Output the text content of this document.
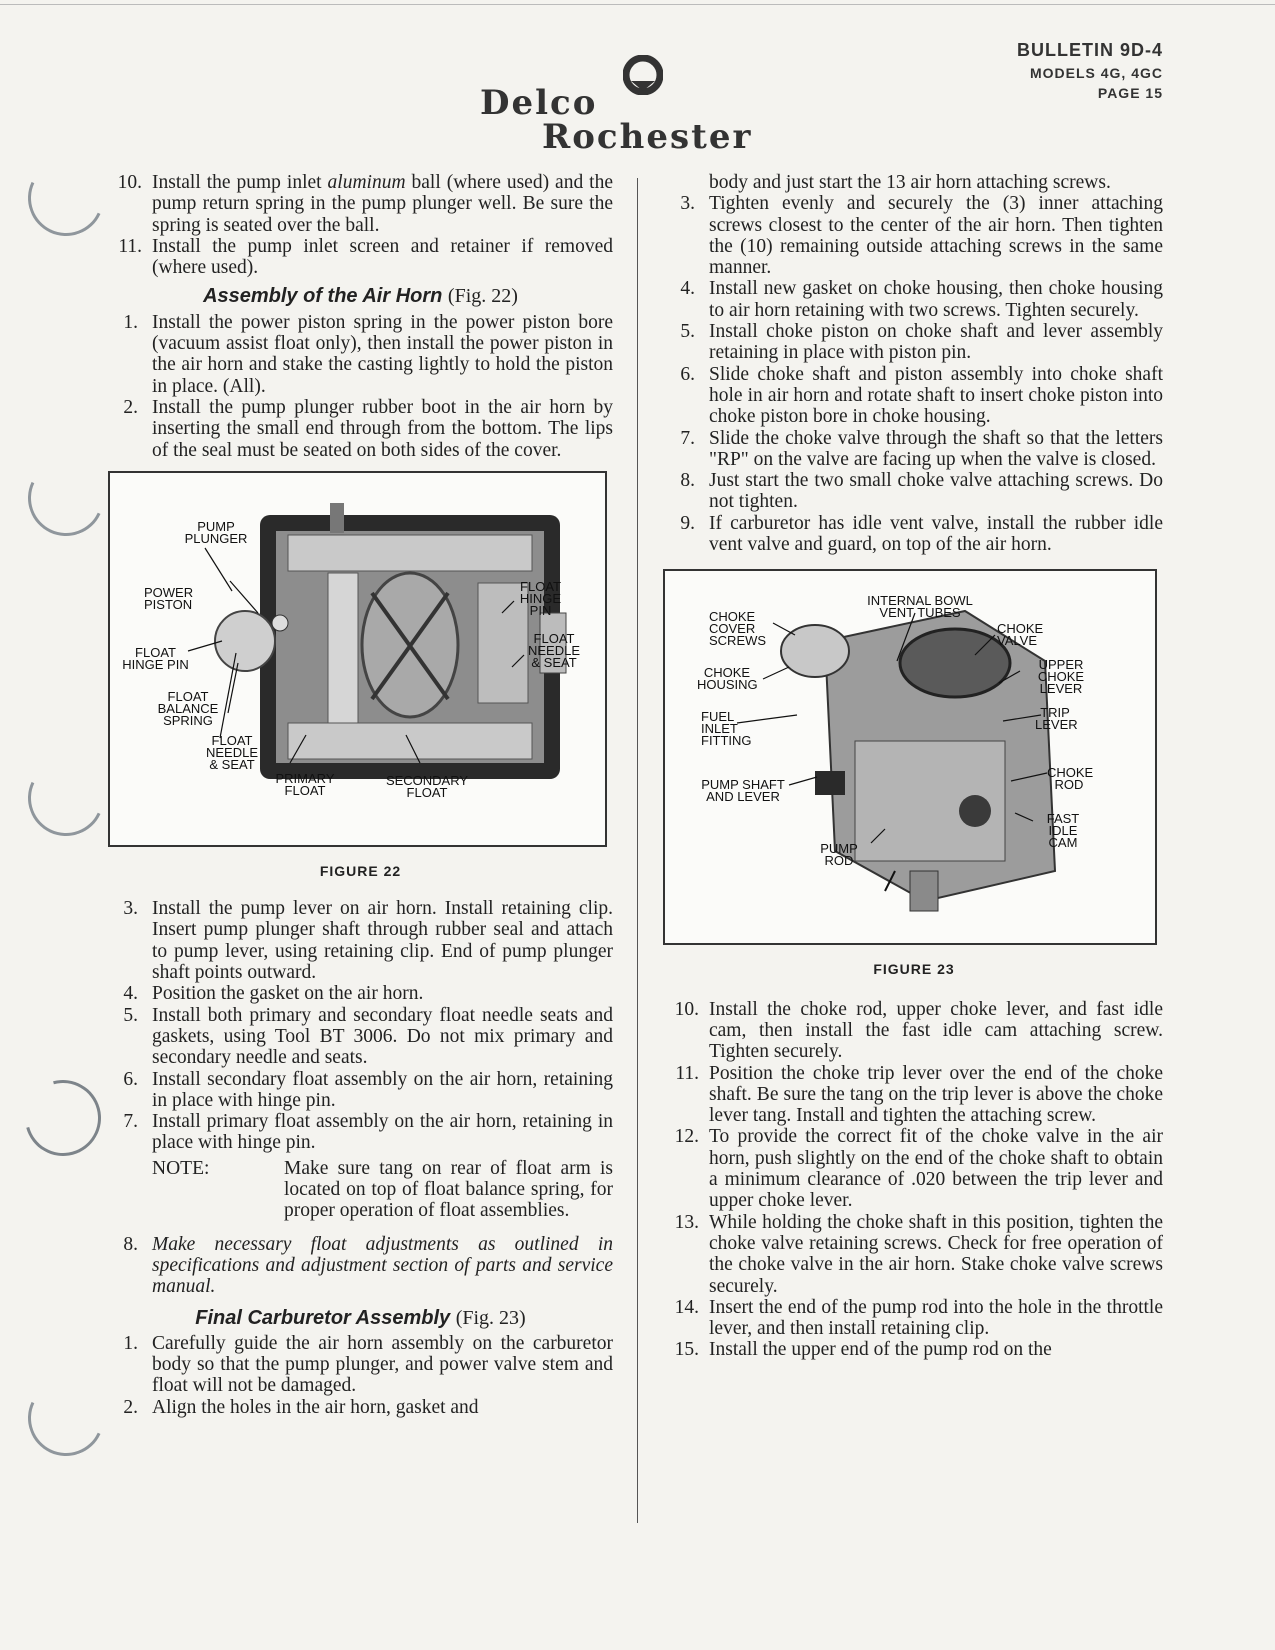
Delco
Rochester
BULLETIN 9D-4
MODELS 4G, 4GC
PAGE 15
10. Install the pump inlet aluminum ball (where used) and the pump return spring in the pump plunger well. Be sure the spring is seated over the ball.
11. Install the pump inlet screen and retainer if removed (where used).
Assembly of the Air Horn (Fig. 22)
1. Install the power piston spring in the power piston bore (vacuum assist float only), then install the power piston in the air horn and stake the casting lightly to hold the piston in place. (All).
2. Install the pump plunger rubber boot in the air horn by inserting the small end through from the bottom. The lips of the seal must be seated on both sides of the cover.
PUMP PLUNGER
POWER PISTON
FLOAT HINGE PIN
FLOAT BALANCE SPRING
FLOAT NEEDLE & SEAT
PRIMARY FLOAT
SECONDARY FLOAT
FLOAT HINGE PIN
FLOAT NEEDLE & SEAT
FIGURE 22
3. Install the pump lever on air horn. Install retaining clip. Insert pump plunger shaft through rubber seal and attach to pump lever, using retaining clip. End of pump plunger shaft points outward.
4. Position the gasket on the air horn.
5. Install both primary and secondary float needle seats and gaskets, using Tool BT 3006. Do not mix primary and secondary needle and seats.
6. Install secondary float assembly on the air horn, retaining in place with hinge pin.
7. Install primary float assembly on the air horn, retaining in place with hinge pin.
NOTE:	Make sure tang on rear of float arm is located on top of float balance spring, for proper operation of float assemblies.
8. Make necessary float adjustments as outlined in specifications and adjustment section of parts and service manual.
Final Carburetor Assembly (Fig. 23)
1. Carefully guide the air horn assembly on the carburetor body so that the pump plunger, and power valve stem and float will not be damaged.
2. Align the holes in the air horn, gasket and
body and just start the 13 air horn attaching screws.
3. Tighten evenly and securely the (3) inner attaching screws closest to the center of the air horn. Then tighten the (10) remaining outside attaching screws in the same manner.
4. Install new gasket on choke housing, then choke housing to air horn retaining with two screws. Tighten securely.
5. Install choke piston on choke shaft and lever assembly retaining in place with piston pin.
6. Slide choke shaft and piston assembly into choke shaft hole in air horn and rotate shaft to insert choke piston into choke piston bore in choke housing.
7. Slide the choke valve through the shaft so that the letters "RP" on the valve are facing up when the valve is closed.
8. Just start the two small choke valve attaching screws. Do not tighten.
9. If carburetor has idle vent valve, install the rubber idle vent valve and guard, on top of the air horn.
INTERNAL BOWL VENT TUBES
CHOKE COVER SCREWS
CHOKE VALVE
CHOKE HOUSING
UPPER CHOKE LEVER
FUEL INLET FITTING
TRIP LEVER
CHOKE ROD
PUMP SHAFT AND LEVER
FAST IDLE CAM
PUMP ROD
FIGURE 23
10. Install the choke rod, upper choke lever, and fast idle cam, then install the fast idle cam attaching screw. Tighten securely.
11. Position the choke trip lever over the end of the choke shaft. Be sure the tang on the trip lever is above the choke lever tang. Install and tighten the attaching screw.
12. To provide the correct fit of the choke valve in the air horn, push slightly on the end of the choke shaft to obtain a minimum clearance of .020 between the trip lever and upper choke lever.
13. While holding the choke shaft in this position, tighten the choke valve retaining screws. Check for free operation of the choke valve in the air horn. Stake choke valve screws securely.
14. Insert the end of the pump rod into the hole in the throttle lever, and then install retaining clip.
15. Install the upper end of the pump rod on the
